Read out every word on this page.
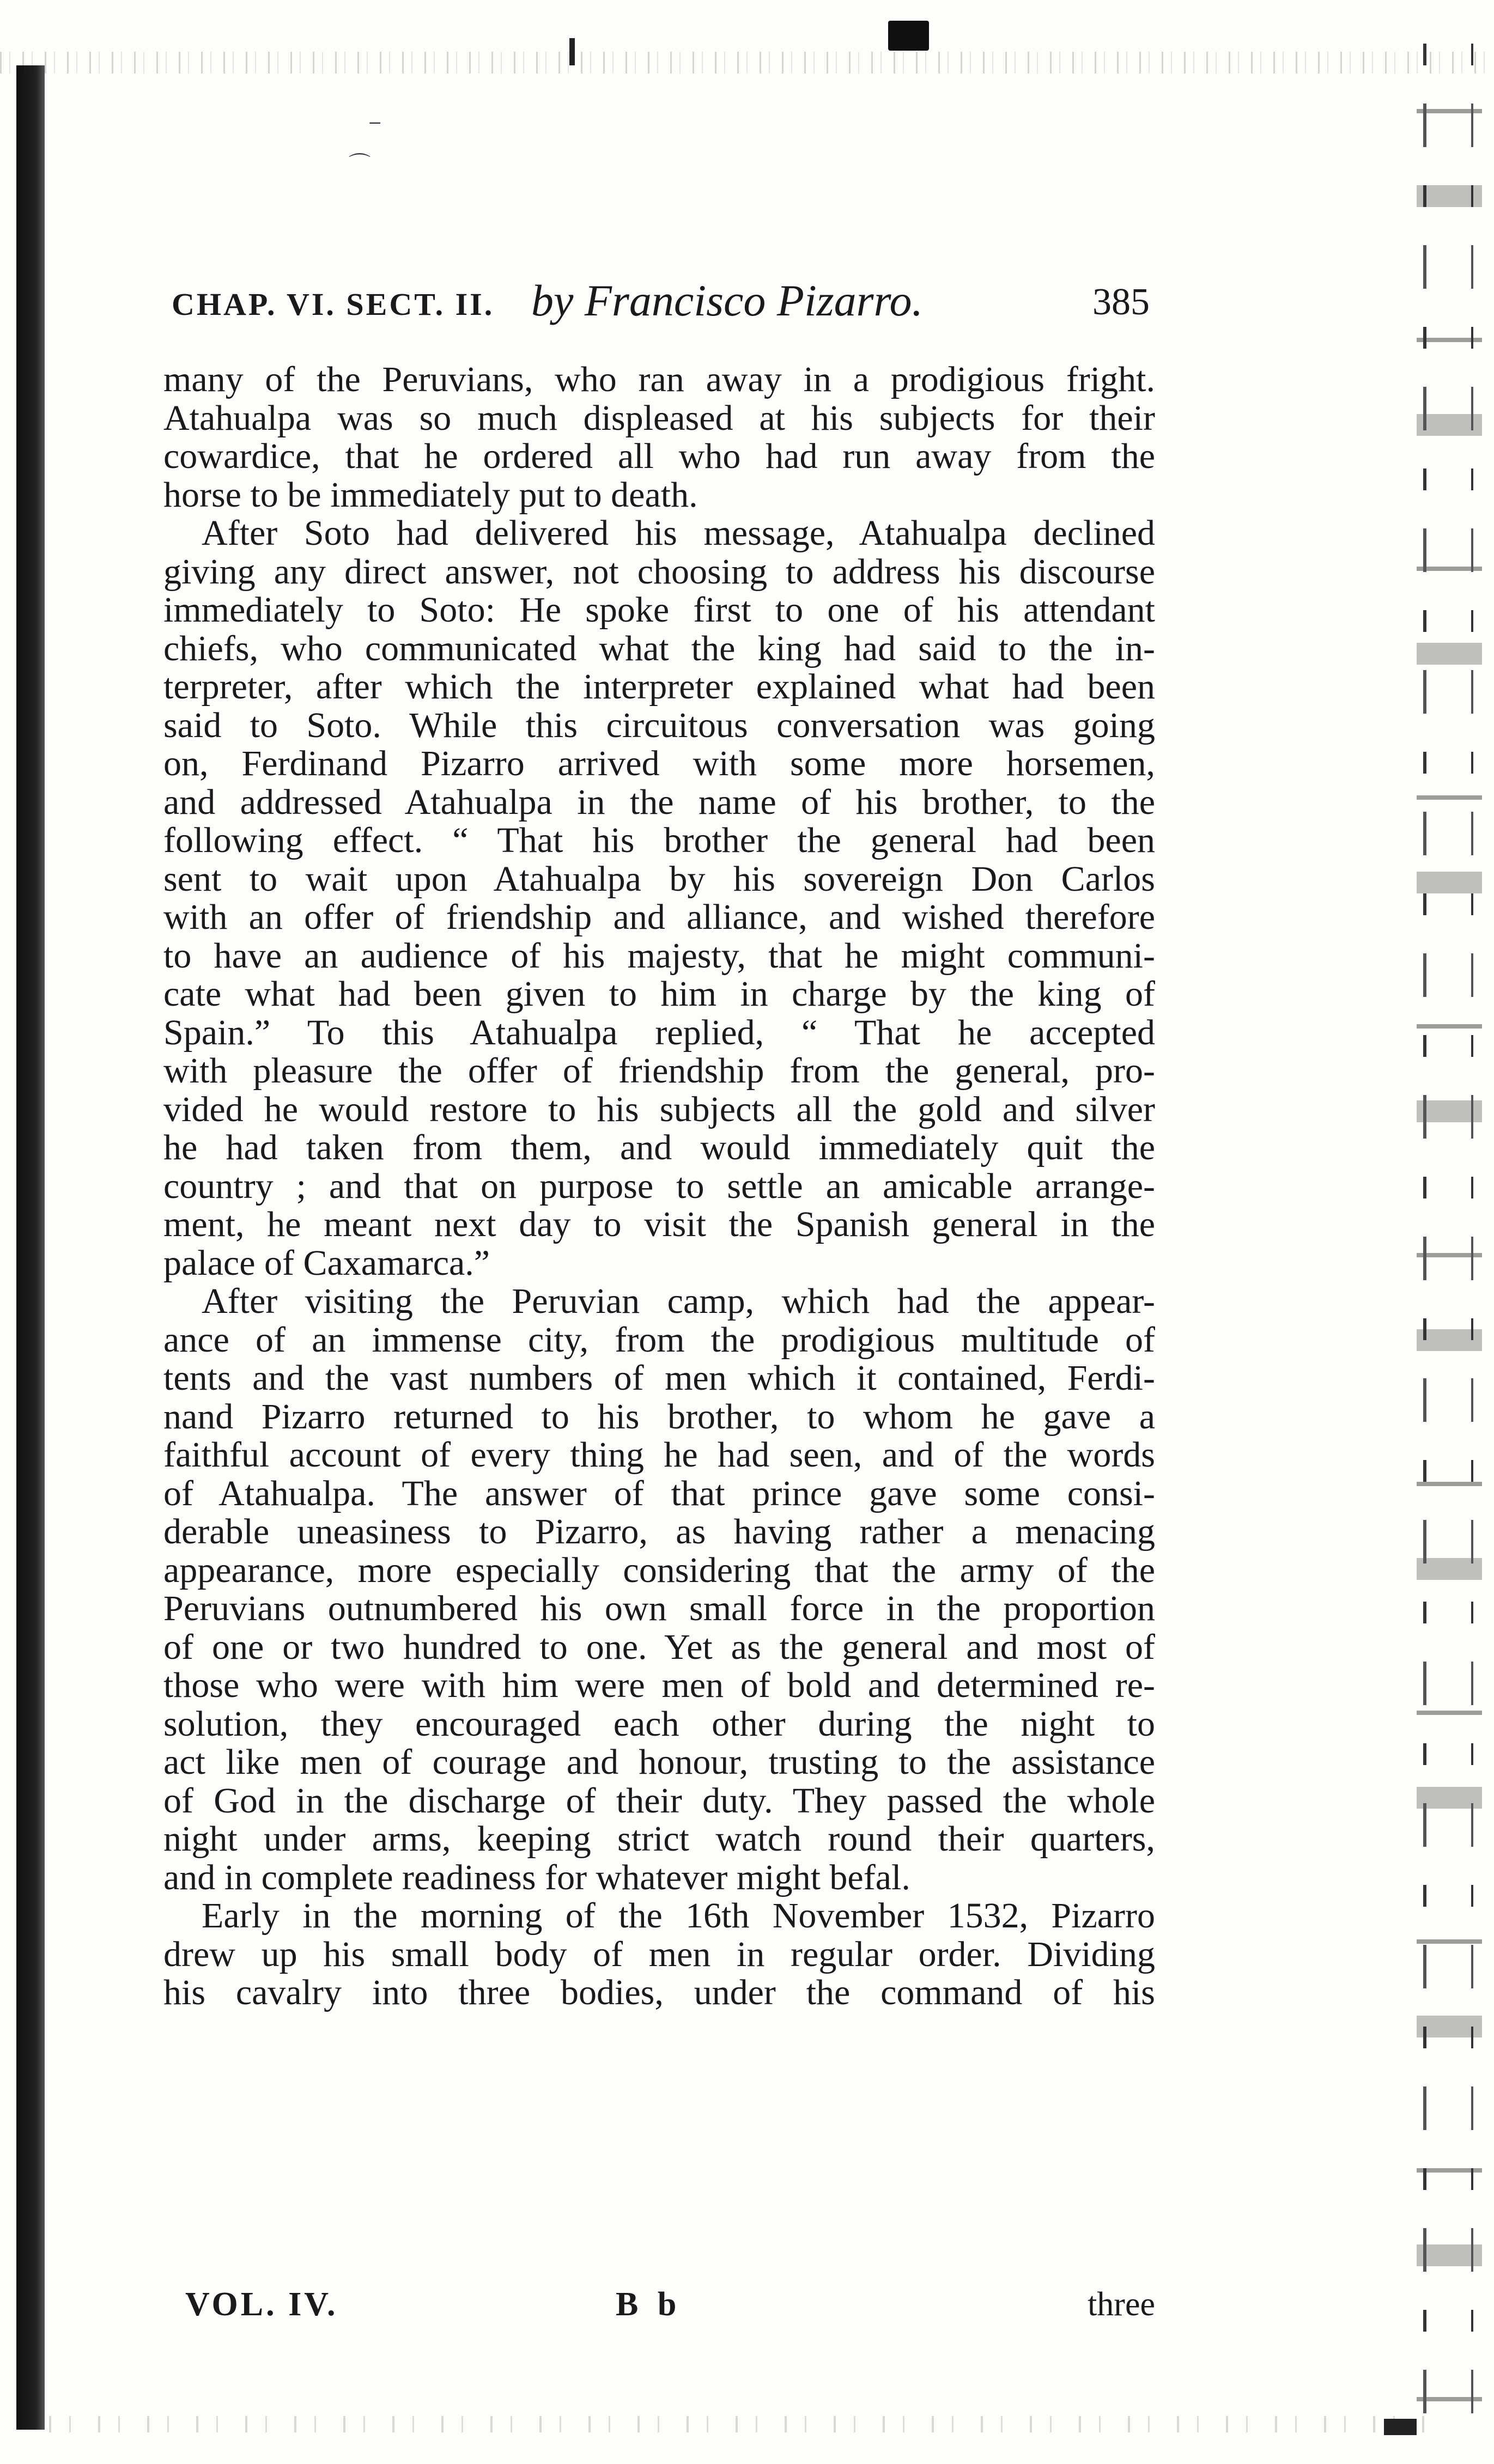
⁻
⌒
CHAP. VI. SECT. II. by Francisco Pizarro.	385
many of the Peruvians, who ran away in a prodigious fright.
Atahualpa was so much displeased at his subjects for their
cowardice, that he ordered all who had run away from the
horse to be immediately put to death.
After Soto had delivered his message, Atahualpa declined
giving any direct answer, not choosing to address his discourse
immediately to Soto: He spoke first to one of his attendant
chiefs, who communicated what the king had said to the in-
terpreter, after which the interpreter explained what had been
said to Soto. While this circuitous conversation was going
on, Ferdinand Pizarro arrived with some more horsemen,
and addressed Atahualpa in the name of his brother, to the
following effect. “ That his brother the general had been
sent to wait upon Atahualpa by his sovereign Don Carlos
with an offer of friendship and alliance, and wished therefore
to have an audience of his majesty, that he might communi-
cate what had been given to him in charge by the king of
Spain.” To this Atahualpa replied, “ That he accepted
with pleasure the offer of friendship from the general, pro-
vided he would restore to his subjects all the gold and silver
he had taken from them, and would immediately quit the
country ; and that on purpose to settle an amicable arrange-
ment, he meant next day to visit the Spanish general in the
palace of Caxamarca.”
After visiting the Peruvian camp, which had the appear-
ance of an immense city, from the prodigious multitude of
tents and the vast numbers of men which it contained, Ferdi-
nand Pizarro returned to his brother, to whom he gave a
faithful account of every thing he had seen, and of the words
of Atahualpa. The answer of that prince gave some consi-
derable uneasiness to Pizarro, as having rather a menacing
appearance, more especially considering that the army of the
Peruvians outnumbered his own small force in the proportion
of one or two hundred to one. Yet as the general and most of
those who were with him were men of bold and determined re-
solution, they encouraged each other during the night to
act like men of courage and honour, trusting to the assistance
of God in the discharge of their duty. They passed the whole
night under arms, keeping strict watch round their quarters,
and in complete readiness for whatever might befal.
Early in the morning of the 16th November 1532, Pizarro
drew up his small body of men in regular order. Dividing
his cavalry into three bodies, under the command of his
VOL. IV.	B b	three
